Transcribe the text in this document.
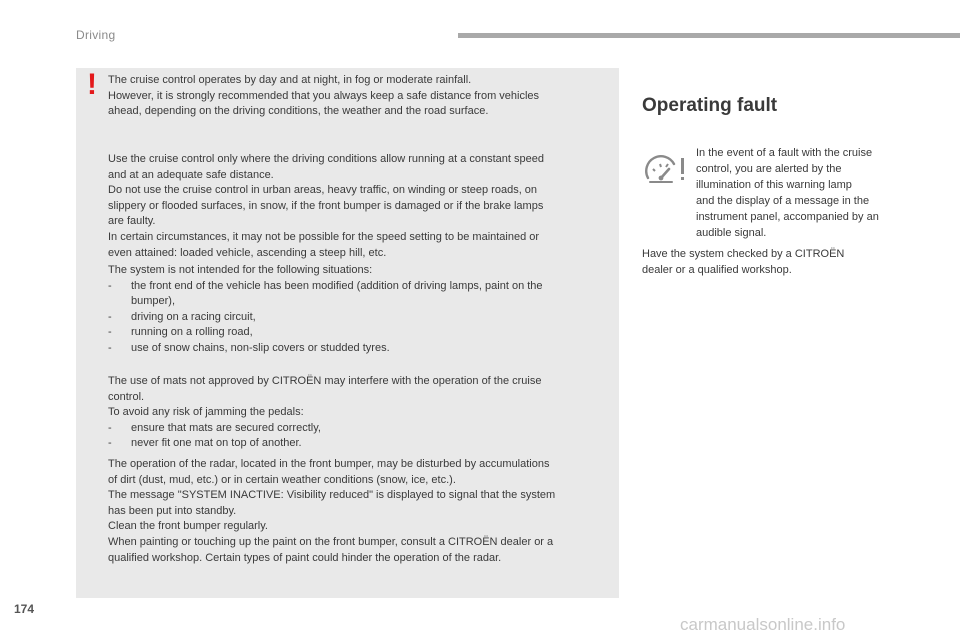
Driving
! The cruise control operates by day and at night, in fog or moderate rainfall.
However, it is strongly recommended that you always keep a safe distance from vehicles
ahead, depending on the driving conditions, the weather and the road surface.
Use the cruise control only where the driving conditions allow running at a constant speed
and at an adequate safe distance.
Do not use the cruise control in urban areas, heavy traffic, on winding or steep roads, on
slippery or flooded surfaces, in snow, if the front bumper is damaged or if the brake lamps
are faulty.
In certain circumstances, it may not be possible for the speed setting to be maintained or
even attained: loaded vehicle, ascending a steep hill, etc.
The system is not intended for the following situations:
- the front end of the vehicle has been modified (addition of driving lamps, paint on the
bumper),
- driving on a racing circuit,
- running on a rolling road,
- use of snow chains, non-slip covers or studded tyres.
The use of mats not approved by CITROËN may interfere with the operation of the cruise
control.
To avoid any risk of jamming the pedals:
- ensure that mats are secured correctly,
- never fit one mat on top of another.
The operation of the radar, located in the front bumper, may be disturbed by accumulations
of dirt (dust, mud, etc.) or in certain weather conditions (snow, ice, etc.).
The message "SYSTEM INACTIVE: Visibility reduced" is displayed to signal that the system
has been put into standby.
Clean the front bumper regularly.
When painting or touching up the paint on the front bumper, consult a CITROËN dealer or a
qualified workshop. Certain types of paint could hinder the operation of the radar.
Operating fault
In the event of a fault with the cruise
control, you are alerted by the
illumination of this warning lamp
and the display of a message in the
instrument panel, accompanied by an
audible signal.
Have the system checked by a CITROËN
dealer or a qualified workshop.
174
carmanualsonline.info
